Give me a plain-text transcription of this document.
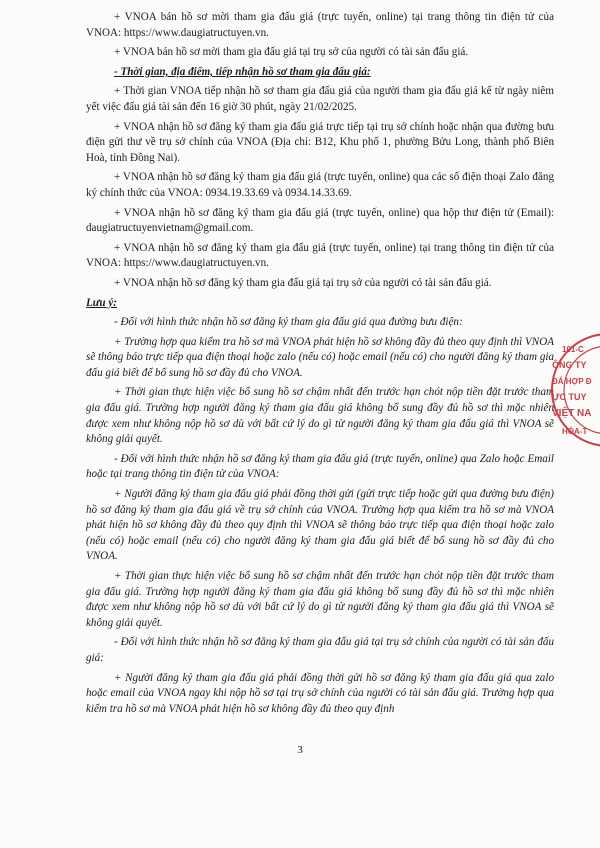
+ VNOA bán hồ sơ mời tham gia đấu giá (trực tuyến, online) tại trang thông tin điện tử của VNOA: https://www.daugiatructuyen.vn.

+ VNOA bán hồ sơ mời tham gia đấu giá tại trụ sở của người có tài sản đấu giá.

- Thời gian, địa điểm, tiếp nhận hồ sơ tham gia đấu giá:

+ Thời gian VNOA tiếp nhận hồ sơ tham gia đấu giá của người tham gia đấu giá kể từ ngày niêm yết việc đấu giá tài sản đến 16 giờ 30 phút, ngày 21/02/2025.

+ VNOA nhận hồ sơ đăng ký tham gia đấu giá trực tiếp tại trụ sở chính hoặc nhận qua đường bưu điện gửi thư về trụ sở chính của VNOA (Địa chỉ: B12, Khu phố 1, phường Bửu Long, thành phố Biên Hoà, tỉnh Đồng Nai).

+ VNOA nhận hồ sơ đăng ký tham gia đấu giá (trực tuyến, online) qua các số điện thoại Zalo đăng ký chính thức của VNOA: 0934.19.33.69 và 0934.14.33.69.

+ VNOA nhận hồ sơ đăng ký tham gia đấu giá (trực tuyến, online) qua hộp thư điện tử (Email): daugiatructuyenvietnam@gmail.com.

+ VNOA nhận hồ sơ đăng ký tham gia đấu giá (trực tuyến, online) tại trang thông tin điện tử của VNOA: https://www.daugiatructuyen.vn.

+ VNOA nhận hồ sơ đăng ký tham gia đấu giá tại trụ sở của người có tài sản đấu giá.

Lưu ý:

- Đối với hình thức nhận hồ sơ đăng ký tham gia đấu giá qua đường bưu điện:

+ Trường hợp qua kiểm tra hồ sơ mà VNOA phát hiện hồ sơ không đầy đủ theo quy định thì VNOA sẽ thông báo trực tiếp qua điện thoại hoặc zalo (nếu có) hoặc email (nếu có) cho người đăng ký tham gia đấu giá biết để bổ sung hồ sơ đầy đủ cho VNOA.

+ Thời gian thực hiện việc bổ sung hồ sơ chậm nhất đến trước hạn chót nộp tiền đặt trước tham gia đấu giá. Trường hợp người đăng ký tham gia đấu giá không bổ sung đầy đủ hồ sơ thì mặc nhiên được xem như không nộp hồ sơ dù với bất cứ lý do gì từ người đăng ký tham gia đấu giá thì VNOA sẽ không giải quyết.

- Đối với hình thức nhận hồ sơ đăng ký tham gia đấu giá (trực tuyến, online) qua Zalo hoặc Email hoặc tại trang thông tin điện tử của VNOA:

+ Người đăng ký tham gia đấu giá phải đồng thời gửi (gửi trực tiếp hoặc gửi qua đường bưu điện) hồ sơ đăng ký tham gia đấu giá về trụ sở chính của VNOA. Trường hợp qua kiểm tra hồ sơ mà VNOA phát hiện hồ sơ không đầy đủ theo quy định thì VNOA sẽ thông báo trực tiếp qua điện thoại hoặc zalo (nếu có) hoặc email (nếu có) cho người đăng ký tham gia đấu giá biết để bổ sung hồ sơ đầy đủ cho VNOA.

+ Thời gian thực hiện việc bổ sung hồ sơ chậm nhất đến trước hạn chót nộp tiền đặt trước tham gia đấu giá. Trường hợp người đăng ký tham gia đấu giá không bổ sung đầy đủ hồ sơ thì mặc nhiên được xem như không nộp hồ sơ dù với bất cứ lý do gì từ người đăng ký tham gia đấu giá thì VNOA sẽ không giải quyết.

- Đối với hình thức nhận hồ sơ đăng ký tham gia đấu giá tại trụ sở chính của người có tài sản đấu giá:

+ Người đăng ký tham gia đấu giá phải đồng thời gửi hồ sơ đăng ký tham gia đấu giá qua zalo hoặc email của VNOA ngay khi nộp hồ sơ tại trụ sở chính của người có tài sản đấu giá. Trường hợp qua kiểm tra hồ sơ mà VNOA phát hiện hồ sơ không đầy đủ theo quy định

3
101-C
ÔNG TY
ĐÁ HỢP Đ
ỰC TUY
VIỆT NA
HÓA-T
